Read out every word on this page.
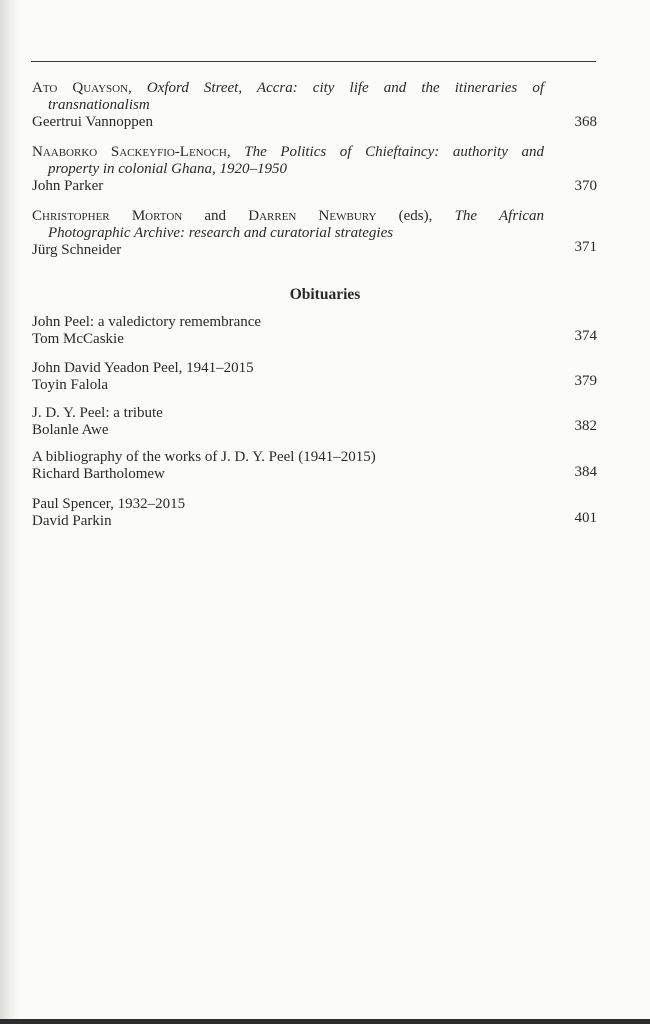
Ato Quayson, Oxford Street, Accra: city life and the itineraries of
transnationalism
Geertrui Vannoppen	368
Naaborko Sackeyfio-Lenoch, The Politics of Chieftaincy: authority and
property in colonial Ghana, 1920–1950
John Parker	370
Christopher Morton and Darren Newbury (eds), The African
Photographic Archive: research and curatorial strategies
Jürg Schneider	371
Obituaries
John Peel: a valedictory remembrance
Tom McCaskie	374
John David Yeadon Peel, 1941–2015
Toyin Falola	379
J. D. Y. Peel: a tribute
Bolanle Awe	382
A bibliography of the works of J. D. Y. Peel (1941–2015)
Richard Bartholomew	384
Paul Spencer, 1932–2015
David Parkin	401
